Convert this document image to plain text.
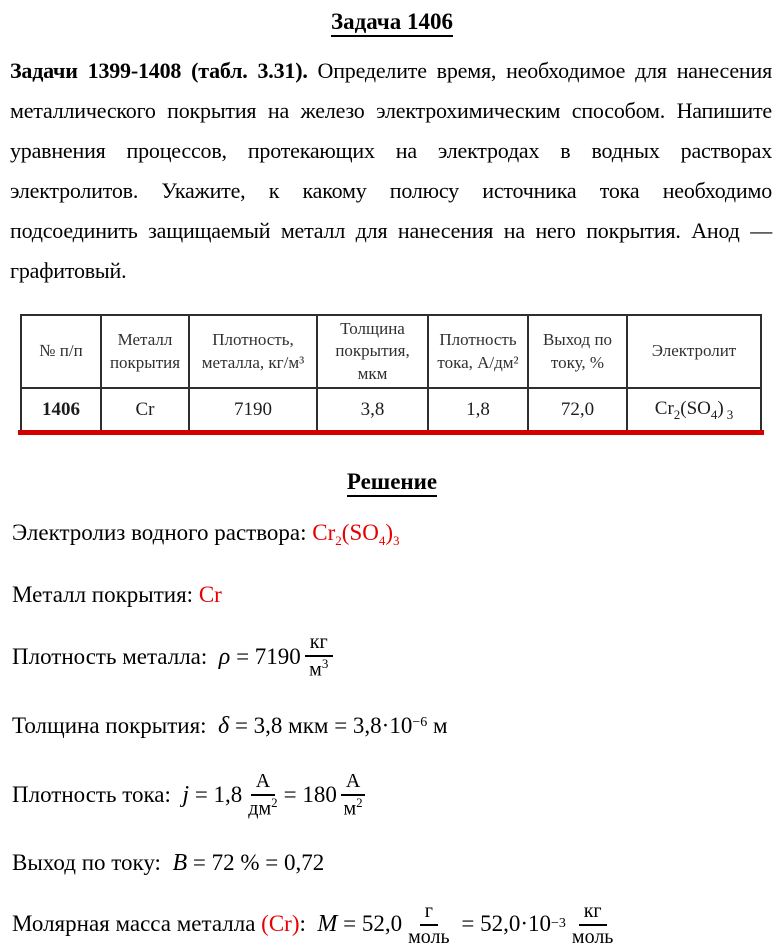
Задача 1406

Задачи 1399-1408 (табл. 3.31). Определите время, необходимое для нанесения металлического покрытия на железо электрохимическим способом. Напишите уравнения процессов, протекающих на электродах в водных растворах электролитов. Укажите, к какому полюсу источника тока необходимо подсоединить защищаемый металл для нанесения на него покрытия. Анод — графитовый.

№ п/п	Металл покрытия	Плотность, металла, кг/м³	Толщина покрытия, мкм	Плотность тока, А/дм²	Выход по току, %	Электролит
1406	Cr	7190	3,8	1,8	72,0	$Cr_2(SO_4)$ $_3$
Решение
Электролиз водного раствора: $Cr_2(SO_4)_3$
Металл покрытия: Cr
Плотность металла: $\rho = 7190 \frac{кг}{м^3}$
Толщина покрытия:  δ = 3,8 мкм = $3,8\cdot 10^{-6}$ м
Плотность тока: $j = 1,8 \frac{А}{дм^2} = 180 \frac{А}{м^2}$
Выход по току:  B = 72 % = 0,72
Молярная масса металла (Cr) : $M = 52,0 \frac{г}{\text{моль}} = 52,0\cdot 10 -3 \frac{кг}{\text{моль}}$
